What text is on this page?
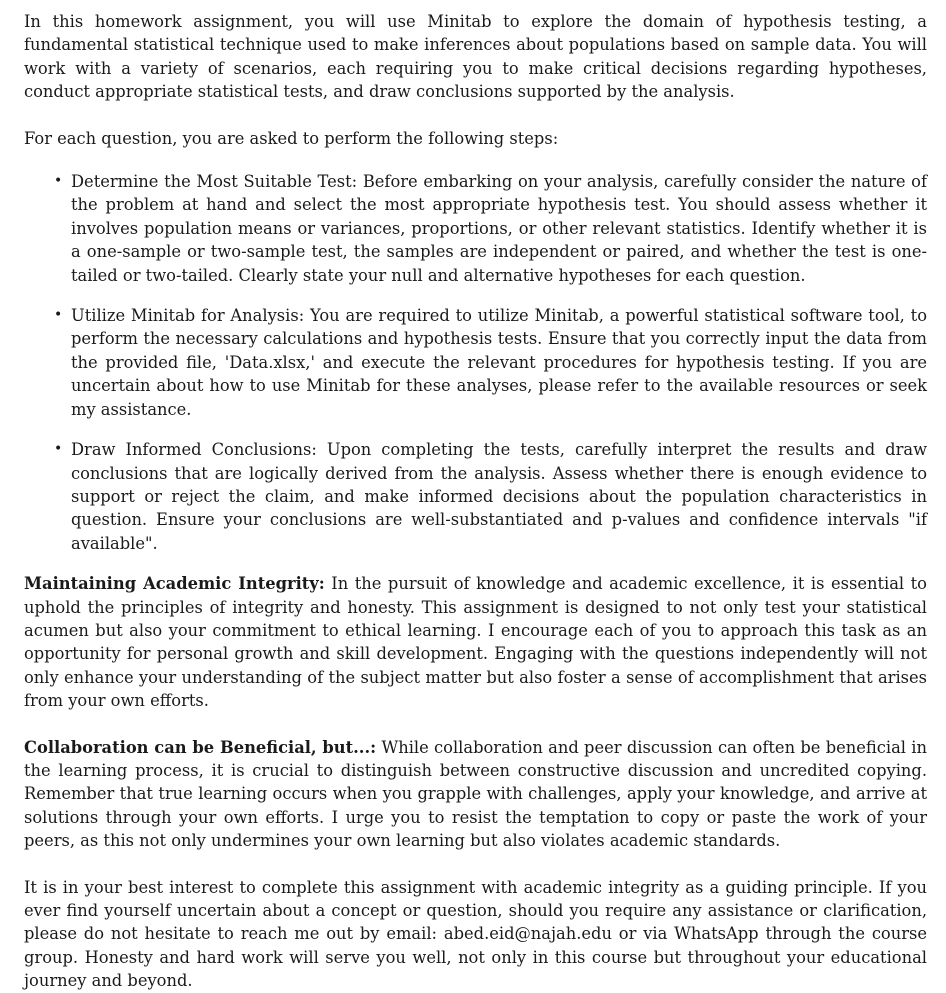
In this homework assignment, you will use Minitab to explore the domain of hypothesis testing, a fundamental statistical technique used to make inferences about populations based on sample data. You will work with a variety of scenarios, each requiring you to make critical decisions regarding hypotheses, conduct appropriate statistical tests, and draw conclusions supported by the analysis.

For each question, you are asked to perform the following steps:

• Determine the Most Suitable Test: Before embarking on your analysis, carefully consider the nature of the problem at hand and select the most appropriate hypothesis test. You should assess whether it involves population means or variances, proportions, or other relevant statistics. Identify whether it is a one-sample or two-sample test, the samples are independent or paired, and whether the test is one-tailed or two-tailed. Clearly state your null and alternative hypotheses for each question.
• Utilize Minitab for Analysis: You are required to utilize Minitab, a powerful statistical software tool, to perform the necessary calculations and hypothesis tests. Ensure that you correctly input the data from the provided file, 'Data.xlsx,' and execute the relevant procedures for hypothesis testing. If you are uncertain about how to use Minitab for these analyses, please refer to the available resources or seek my assistance.
• Draw Informed Conclusions: Upon completing the tests, carefully interpret the results and draw conclusions that are logically derived from the analysis. Assess whether there is enough evidence to support or reject the claim, and make informed decisions about the population characteristics in question. Ensure your conclusions are well-substantiated and p-values and confidence intervals "if available".

Maintaining Academic Integrity: In the pursuit of knowledge and academic excellence, it is essential to uphold the principles of integrity and honesty. This assignment is designed to not only test your statistical acumen but also your commitment to ethical learning. I encourage each of you to approach this task as an opportunity for personal growth and skill development. Engaging with the questions independently will not only enhance your understanding of the subject matter but also foster a sense of accomplishment that arises from your own efforts.

Collaboration can be Beneficial, but...: While collaboration and peer discussion can often be beneficial in the learning process, it is crucial to distinguish between constructive discussion and uncredited copying. Remember that true learning occurs when you grapple with challenges, apply your knowledge, and arrive at solutions through your own efforts. I urge you to resist the temptation to copy or paste the work of your peers, as this not only undermines your own learning but also violates academic standards.

It is in your best interest to complete this assignment with academic integrity as a guiding principle. If you ever find yourself uncertain about a concept or question, should you require any assistance or clarification, please do not hesitate to reach me out by email: abed.eid@najah.edu or via WhatsApp through the course group. Honesty and hard work will serve you well, not only in this course but throughout your educational journey and beyond.
